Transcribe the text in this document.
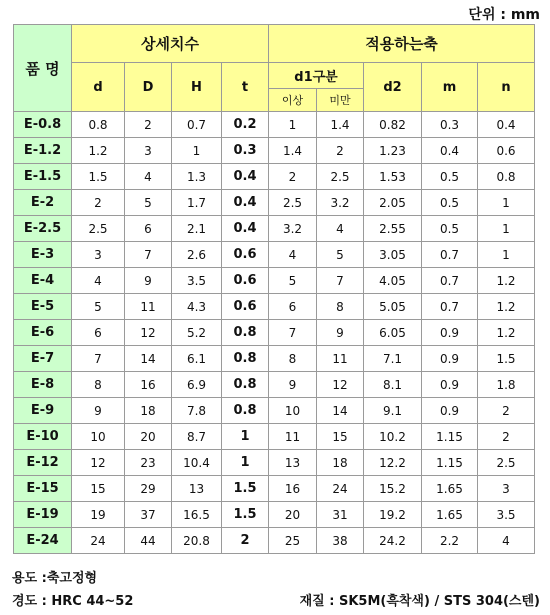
단위 : mm
품 명	상세치수				적용하는축				
	d	D	H	t	d1구분		d2	m	n
					이상	미만			
E-0.8	0.8	2	0.7	0.2	1	1.4	0.82	0.3	0.4
E-1.2	1.2	3	1	0.3	1.4	2	1.23	0.4	0.6
E-1.5	1.5	4	1.3	0.4	2	2.5	1.53	0.5	0.8
E-2	2	5	1.7	0.4	2.5	3.2	2.05	0.5	1
E-2.5	2.5	6	2.1	0.4	3.2	4	2.55	0.5	1
E-3	3	7	2.6	0.6	4	5	3.05	0.7	1
E-4	4	9	3.5	0.6	5	7	4.05	0.7	1.2
E-5	5	11	4.3	0.6	6	8	5.05	0.7	1.2
E-6	6	12	5.2	0.8	7	9	6.05	0.9	1.2
E-7	7	14	6.1	0.8	8	11	7.1	0.9	1.5
E-8	8	16	6.9	0.8	9	12	8.1	0.9	1.8
E-9	9	18	7.8	0.8	10	14	9.1	0.9	2
E-10	10	20	8.7	1	11	15	10.2	1.15	2
E-12	12	23	10.4	1	13	18	12.2	1.15	2.5
E-15	15	29	13	1.5	16	24	15.2	1.65	3
E-19	19	37	16.5	1.5	20	31	19.2	1.65	3.5
E-24	24	44	20.8	2	25	38	24.2	2.2	4
용도 :축고정형
경도 : HRC 44~52	재질 : SK5M(흑착색) / STS 304(스텐)
